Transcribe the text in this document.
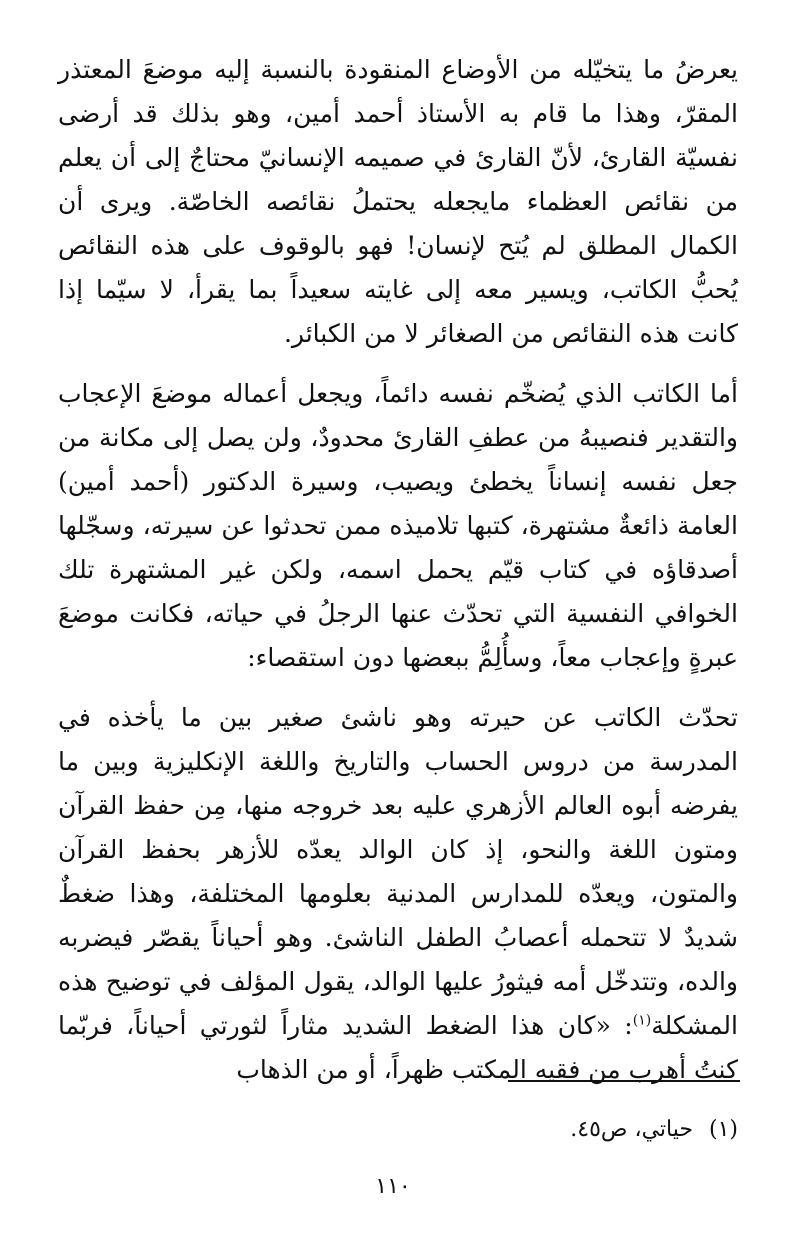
يعرضُ ما يتخيّله من الأوضاع المنقودة بالنسبة إليه موضعَ المعتذر المقرّ، وهذا ما قام به الأستاذ أحمد أمين، وهو بذلك قد أرضى نفسيّة القارئ، لأنّ القارئ في صميمه الإنسانيّ محتاجٌ إلى أن يعلم من نقائص العظماء مايجعله يحتملُ نقائصه الخاصّة. ويرى أن الكمال المطلق لم يُتح لإنسان! فهو بالوقوف على هذه النقائص يُحبُّ الكاتب، ويسير معه إلى غايته سعيداً بما يقرأ، لا سيّما إذا كانت هذه النقائص من الصغائر لا من الكبائر.

أما الكاتب الذي يُضخّم نفسه دائماً، ويجعل أعماله موضعَ الإعجاب والتقدير فنصيبهُ من عطفِ القارئ محدودٌ، ولن يصل إلى مكانة من جعل نفسه إنساناً يخطئ ويصيب، وسيرة الدكتور (أحمد أمين) العامة ذائعةٌ مشتهرة، كتبها تلاميذه ممن تحدثوا عن سيرته، وسجّلها أصدقاؤه في كتاب قيّم يحمل اسمه، ولكن غير المشتهرة تلك الخوافي النفسية التي تحدّث عنها الرجلُ في حياته، فكانت موضعَ عبرةٍ وإعجاب معاً، وسأُلِمُّ ببعضها دون استقصاء:

تحدّث الكاتب عن حيرته وهو ناشئ صغير بين ما يأخذه في المدرسة من دروس الحساب والتاريخ واللغة الإنكليزية وبين ما يفرضه أبوه العالم الأزهري عليه بعد خروجه منها، مِن حفظ القرآن ومتون اللغة والنحو، إذ كان الوالد يعدّه للأزهر بحفظ القرآن والمتون، ويعدّه للمدارس المدنية بعلومها المختلفة، وهذا ضغطٌ شديدٌ لا تتحمله أعصابُ الطفل الناشئ. وهو أحياناً يقصّر فيضربه والده، وتتدخّل أمه فيثورُ عليها الوالد، يقول المؤلف في توضيح هذه المشكلة$^{(١)}$: «كان هذا الضغط الشديد مثاراً لثورتي أحياناً، فربّما كنتُ أهرب من فقيه المكتب ظهراً، أو من الذهاب

(١)حياتي، ص٤٥.
١١٠
